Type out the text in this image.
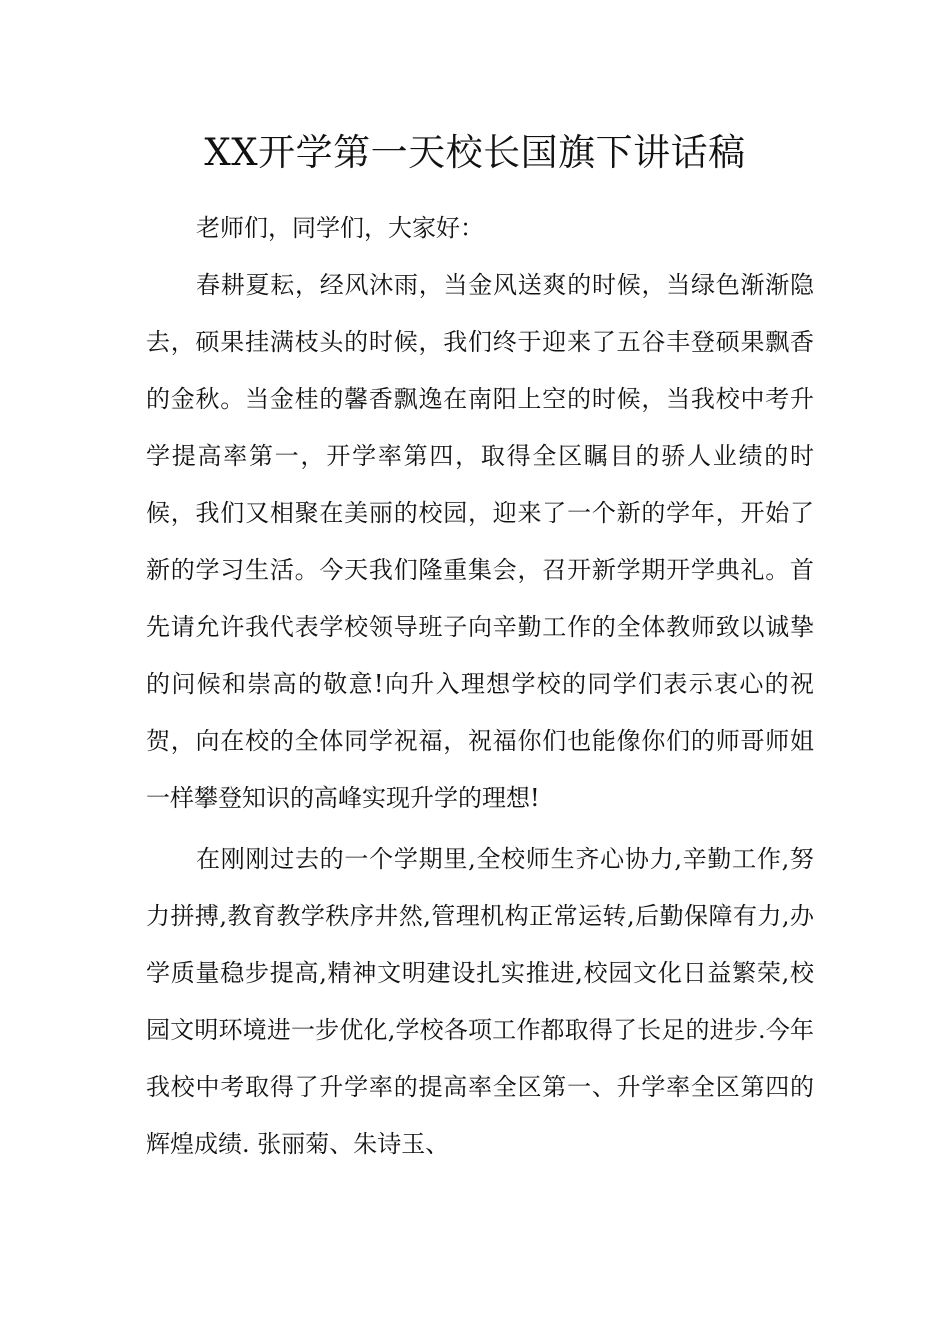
XX开学第一天校长国旗下讲话稿

老师们，同学们，大家好：

春耕夏耘，经风沐雨，当金风送爽的时候，当绿色渐渐隐去，硕果挂满枝头的时候，我们终于迎来了五谷丰登硕果飘香的金秋。当金桂的馨香飘逸在南阳上空的时候，当我校中考升学提高率第一，开学率第四，取得全区瞩目的骄人业绩的时候，我们又相聚在美丽的校园，迎来了一个新的学年，开始了新的学习生活。今天我们隆重集会，召开新学期开学典礼。首先请允许我代表学校领导班子向辛勤工作的全体教师致以诚挚的问候和崇高的敬意!向升入理想学校的同学们表示衷心的祝贺，向在校的全体同学祝福，祝福你们也能像你们的师哥师姐一样攀登知识的高峰实现升学的理想!

在刚刚过去的一个学期里,全校师生齐心协力,辛勤工作,努力拼搏,教育教学秩序井然,管理机构正常运转,后勤保障有力,办学质量稳步提高,精神文明建设扎实推进,校园文化日益繁荣,校园文明环境进一步优化,学校各项工作都取得了长足的进步.今年我校中考取得了升学率的提高率全区第一、升学率全区第四的辉煌成绩. 张丽菊、朱诗玉、
